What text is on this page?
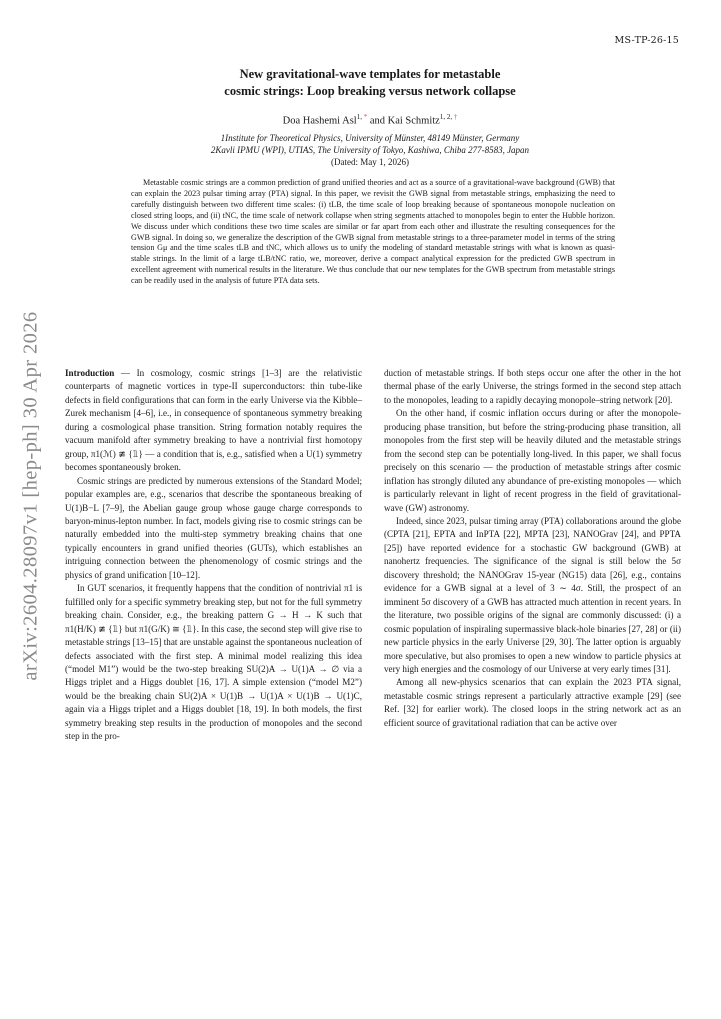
MS-TP-26-15
arXiv:2604.28097v1 [hep-ph] 30 Apr 2026
New gravitational-wave templates for metastable
cosmic strings: Loop breaking versus network collapse
Doa Hashemi Asl$^{1, *}$ and Kai Schmitz$^{1, 2, \dagger}$
1Institute for Theoretical Physics, University of Münster, 48149 Münster, Germany
2Kavli IPMU (WPI), UTIAS, The University of Tokyo, Kashiwa, Chiba 277-8583, Japan
(Dated: May 1, 2026)
Metastable cosmic strings are a common prediction of grand unified theories and act as a source of a gravitational-wave background (GWB) that can explain the 2023 pulsar timing array (PTA) signal. In this paper, we revisit the GWB signal from metastable strings, emphasizing the need to carefully distinguish between two different time scales: (i) tLB, the time scale of loop breaking because of spontaneous monopole nucleation on closed string loops, and (ii) tNC, the time scale of network collapse when string segments attached to monopoles begin to enter the Hubble horizon. We discuss under which conditions these two time scales are similar or far apart from each other and illustrate the resulting consequences for the GWB signal. In doing so, we generalize the description of the GWB signal from metastable strings to a three-parameter model in terms of the string tension Gμ and the time scales tLB and tNC, which allows us to unify the modeling of standard metastable strings with what is known as quasi-stable strings. In the limit of a large tLB/tNC ratio, we, moreover, derive a compact analytical expression for the predicted GWB spectrum in excellent agreement with numerical results in the literature. We thus conclude that our new templates for the GWB spectrum from metastable strings can be readily used in the analysis of future PTA data sets.

Introduction — In cosmology, cosmic strings [1–3] are the relativistic counterparts of magnetic vortices in type-II superconductors: thin tube-like defects in field configurations that can form in the early Universe via the Kibble–Zurek mechanism [4–6], i.e., in consequence of spontaneous symmetry breaking during a cosmological phase transition. String formation notably requires the vacuum manifold after symmetry breaking to have a nontrivial first homotopy group, π1(ℳ) ≇ {𝟙} — a condition that is, e.g., satisfied when a U(1) symmetry becomes spontaneously broken.

Cosmic strings are predicted by numerous extensions of the Standard Model; popular examples are, e.g., scenarios that describe the spontaneous breaking of U(1)B−L [7–9], the Abelian gauge group whose gauge charge corresponds to baryon-minus-lepton number. In fact, models giving rise to cosmic strings can be naturally embedded into the multi-step symmetry breaking chains that one typically encounters in grand unified theories (GUTs), which establishes an intriguing connection between the phenomenology of cosmic strings and the physics of grand unification [10–12].

In GUT scenarios, it frequently happens that the condition of nontrivial π1 is fulfilled only for a specific symmetry breaking step, but not for the full symmetry breaking chain. Consider, e.g., the breaking pattern G → H → K such that π1(H/K) ≇ {𝟙} but π1(G/K) ≅ {𝟙}. In this case, the second step will give rise to metastable strings [13–15] that are unstable against the spontaneous nucleation of defects associated with the first step. A minimal model realizing this idea (“model M1”) would be the two-step breaking SU(2)A → U(1)A → ∅ via a Higgs triplet and a Higgs doublet [16, 17]. A simple extension (“model M2”) would be the breaking chain SU(2)A × U(1)B → U(1)A × U(1)B → U(1)C, again via a Higgs triplet and a Higgs doublet [18, 19]. In both models, the first symmetry breaking step results in the production of monopoles and the second step in the pro-

duction of metastable strings. If both steps occur one after the other in the hot thermal phase of the early Universe, the strings formed in the second step attach to the monopoles, leading to a rapidly decaying monopole–string network [20].

On the other hand, if cosmic inflation occurs during or after the monopole-producing phase transition, but before the string-producing phase transition, all monopoles from the first step will be heavily diluted and the metastable strings from the second step can be potentially long-lived. In this paper, we shall focus precisely on this scenario — the production of metastable strings after cosmic inflation has strongly diluted any abundance of pre-existing monopoles — which is particularly relevant in light of recent progress in the field of gravitational-wave (GW) astronomy.

Indeed, since 2023, pulsar timing array (PTA) collaborations around the globe (CPTA [21], EPTA and InPTA [22], MPTA [23], NANOGrav [24], and PPTA [25]) have reported evidence for a stochastic GW background (GWB) at nanohertz frequencies. The significance of the signal is still below the 5σ discovery threshold; the NANOGrav 15-year (NG15) data [26], e.g., contains evidence for a GWB signal at a level of 3 ∼ 4σ. Still, the prospect of an imminent 5σ discovery of a GWB has attracted much attention in recent years. In the literature, two possible origins of the signal are commonly discussed: (i) a cosmic population of inspiraling supermassive black-hole binaries [27, 28] or (ii) new particle physics in the early Universe [29, 30]. The latter option is arguably more speculative, but also promises to open a new window to particle physics at very high energies and the cosmology of our Universe at very early times [31].

Among all new-physics scenarios that can explain the 2023 PTA signal, metastable cosmic strings represent a particularly attractive example [29] (see Ref. [32] for earlier work). The closed loops in the string network act as an efficient source of gravitational radiation that can be active over
